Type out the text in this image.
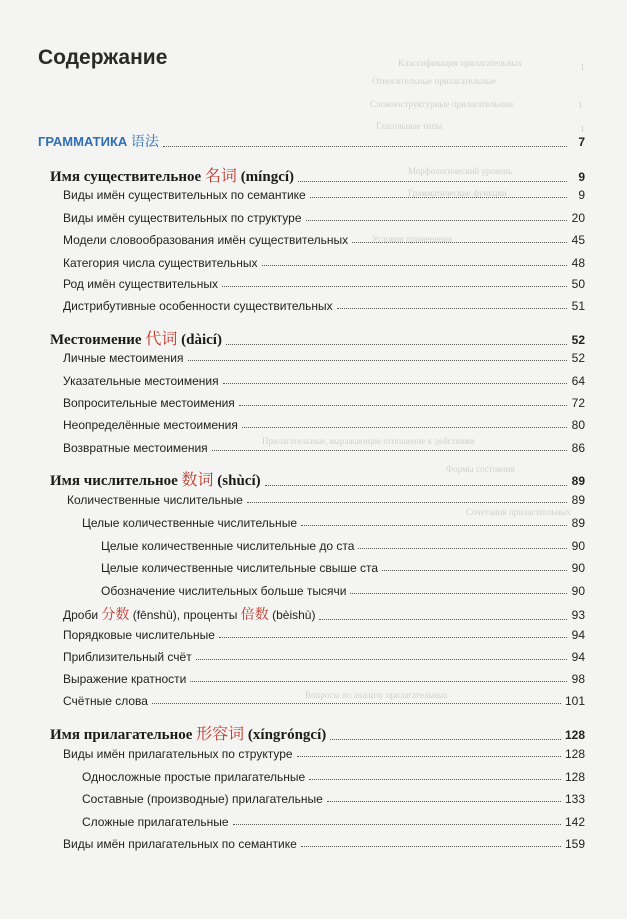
Классификация прилагательных
Относительные прилагательные
Сложноструктурные прилагательные
Глагольные типы
Морфологический уровень
Грамматические функции
Условия применения
Прилагательные, выражающие отношение к действиям
Формы состояния
Сочетания прилагательных
Вопросы по анализу прилагательных
1
1
1
Содержание
ГРАММАТИКА 语法	7
Имя существительное 名词 (míngcí)	9
Виды имён существительных по семантике	9
Виды имён существительных по структуре	20
Модели словообразования имён существительных	45
Категория числа существительных	48
Род имён существительных	50
Дистрибутивные особенности существительных	51
Местоимение 代词 (dàicí)	52
Личные местоимения	52
Указательные местоимения	64
Вопросительные местоимения	72
Неопределённые местоимения	80
Возвратные местоимения	86
Имя числительное 数词 (shùcí)	89
Количественные числительные	89
Целые количественные числительные	89
Целые количественные числительные до ста	90
Целые количественные числительные свыше ста	90
Обозначение числительных больше тысячи	90
Дроби 分数 (fēnshù), проценты 倍数 (bèishù)	93
Порядковые числительные	94
Приблизительный счёт	94
Выражение кратности	98
Счётные слова	101
Имя прилагательное 形容词 (xíngróngcí)	128
Виды имён прилагательных по структуре	128
Односложные простые прилагательные	128
Составные (производные) прилагательные	133
Сложные прилагательные	142
Виды имён прилагательных по семантике	159
